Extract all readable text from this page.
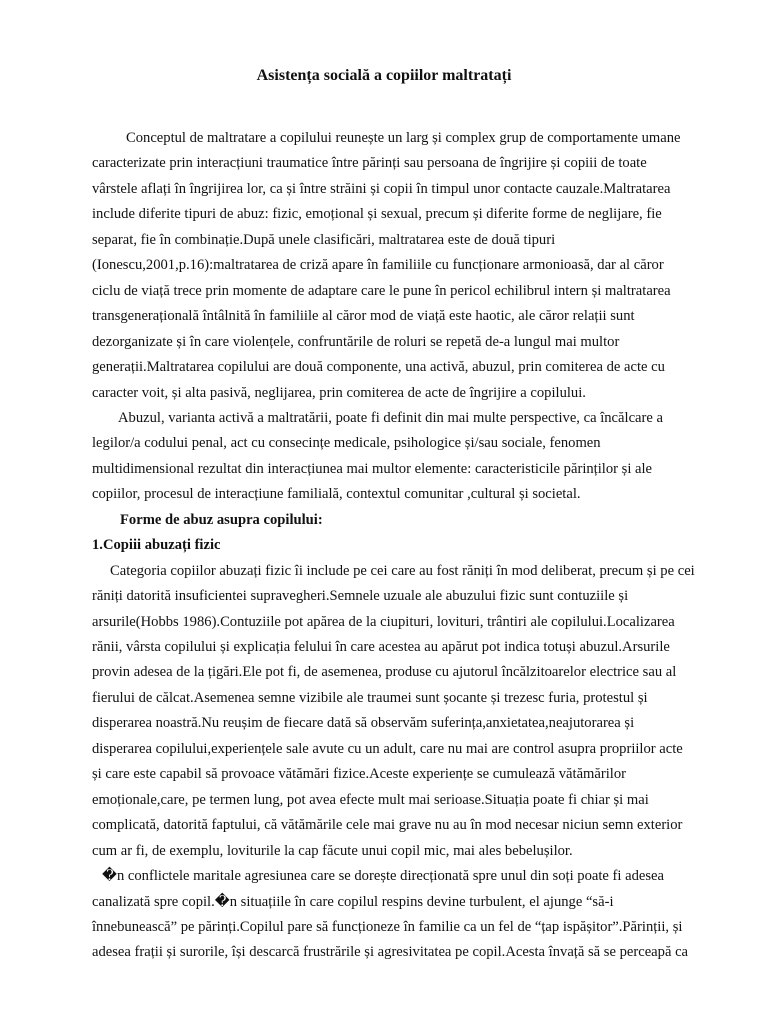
Asistența socială a copiilor maltratați

Conceptul de maltratare a copilului reunește un larg și complex grup de comportamente umane

caracterizate prin interacțiuni traumatice între părinți sau persoana de îngrijire și copiii de toate

vârstele aflați în îngrijirea lor, ca și între străini și copii în timpul unor contacte cauzale.Maltratarea

include diferite tipuri de abuz: fizic, emoțional și sexual, precum și diferite forme de neglijare, fie

separat, fie în combinație.După unele clasificări, maltratarea este de două tipuri

(Ionescu,2001,p.16):maltratarea de criză apare în familiile cu funcționare armonioasă, dar al căror

ciclu de viață trece prin momente de adaptare care le pune în pericol echilibrul intern și maltratarea

transgenerațională întâlnită în familiile al căror mod de viață este haotic, ale căror relații sunt

dezorganizate și în care violențele, confruntările de roluri se repetă de-a lungul mai multor

generații.Maltratarea copilului are două componente, una activă, abuzul, prin comiterea de acte cu

caracter voit, și alta pasivă, neglijarea, prin comiterea de acte de îngrijire a copilului.

Abuzul, varianta activă a maltratării, poate fi definit din mai multe perspective, ca încălcare a

legilor/a codului penal, act cu consecințe medicale, psihologice și/sau sociale, fenomen

multidimensional rezultat din interacțiunea mai multor elemente: caracteristicile părinților și ale

copiilor, procesul de interacțiune familială, contextul comunitar ,cultural și societal.

Forme de abuz asupra copilului:

1.Copiii abuzați fizic

Categoria copiilor abuzați fizic îi include pe cei care au fost răniți în mod deliberat, precum și pe cei

răniți datorită insuficientei supravegheri.Semnele uzuale ale abuzului fizic sunt contuziile și

arsurile(Hobbs 1986).Contuziile pot apărea de la ciupituri, lovituri, trântiri ale copilului.Localizarea

rănii, vârsta copilului și explicația felului în care acestea au apărut pot indica totuși abuzul.Arsurile

provin adesea de la țigări.Ele pot fi, de asemenea, produse cu ajutorul încălzitoarelor electrice sau al

fierului de călcat.Asemenea semne vizibile ale traumei sunt șocante și trezesc furia, protestul și

disperarea noastră.Nu reușim de fiecare dată să observăm suferința,anxietatea,neajutorarea și

disperarea copilului,experiențele sale avute cu un adult, care nu mai are control asupra propriilor acte

și care este capabil să provoace vătămări fizice.Aceste experiențe se cumulează vătămărilor

emoționale,care, pe termen lung, pot avea efecte mult mai serioase.Situația poate fi chiar și mai

complicată, datorită faptului, că vătămările cele mai grave nu au în mod necesar niciun semn exterior

cum ar fi, de exemplu, loviturile la cap făcute unui copil mic, mai ales bebelușilor.

�n conflictele maritale agresiunea care se dorește direcționată spre unul din soți poate fi adesea

canalizată spre copil.�n situațiile în care copilul respins devine turbulent, el ajunge “să-i

înnebunească” pe părinți.Copilul pare să funcționeze în familie ca un fel de “țap ispășitor”.Părinții, și

adesea frații și surorile, își descarcă frustrările și agresivitatea pe copil.Acesta învață să se perceapă ca
